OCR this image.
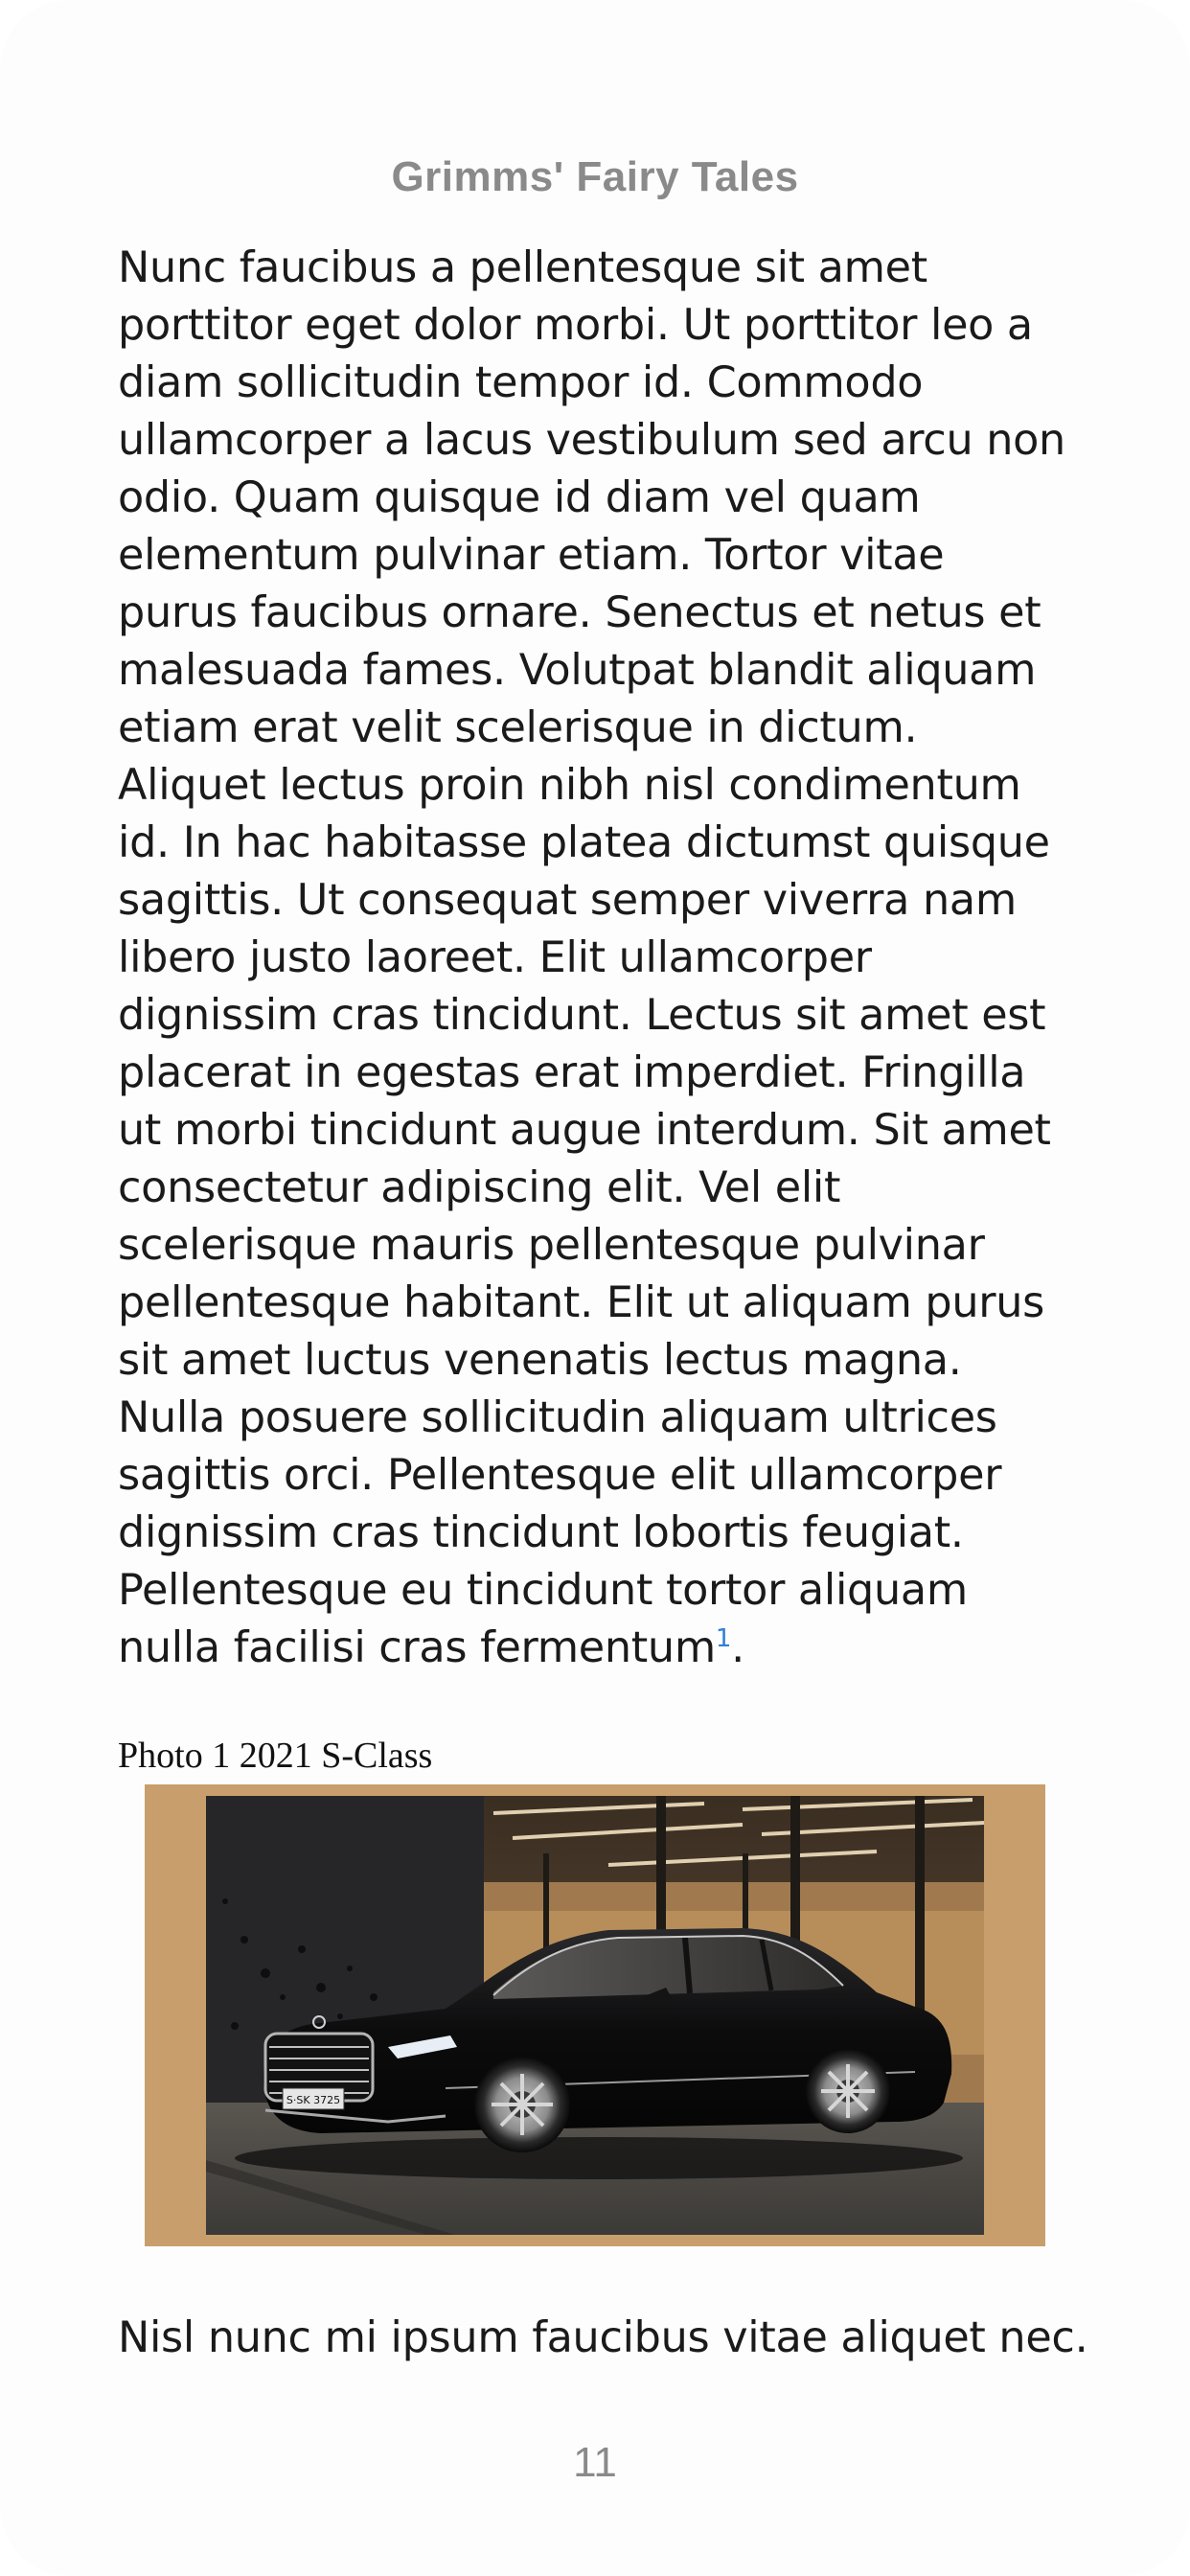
Grimms' Fairy Tales

Nunc faucibus a pellentesque sit amet porttitor eget dolor morbi. Ut porttitor leo a diam sollicitudin tempor id. Commodo ullamcorper a lacus vestibulum sed arcu non odio. Quam quisque id diam vel quam elementum pulvinar etiam. Tortor vitae purus faucibus ornare. Senectus et netus et malesuada fames. Volutpat blandit aliquam etiam erat velit scelerisque in dictum. Aliquet lectus proin nibh nisl condimentum id. In hac habitasse platea dictumst quisque sagittis. Ut consequat semper viverra nam libero justo laoreet. Elit ullamcorper dignissim cras tincidunt. Lectus sit amet est placerat in egestas erat imperdiet. Fringilla ut morbi tincidunt augue interdum. Sit amet consectetur adipiscing elit. Vel elit scelerisque mauris pellentesque pulvinar pellentesque habitant. Elit ut aliquam purus sit amet luctus venenatis lectus magna. Nulla posuere sollicitudin aliquam ultrices sagittis orci. Pellentesque elit ullamcorper dignissim cras tincidunt lobortis feugiat. Pellentesque eu tincidunt tortor aliquam nulla facilisi cras fermentum$^1$.

Photo 1 2021 S-Class
S·SK 3725

Nisl nunc mi ipsum faucibus vitae aliquet nec.

11
